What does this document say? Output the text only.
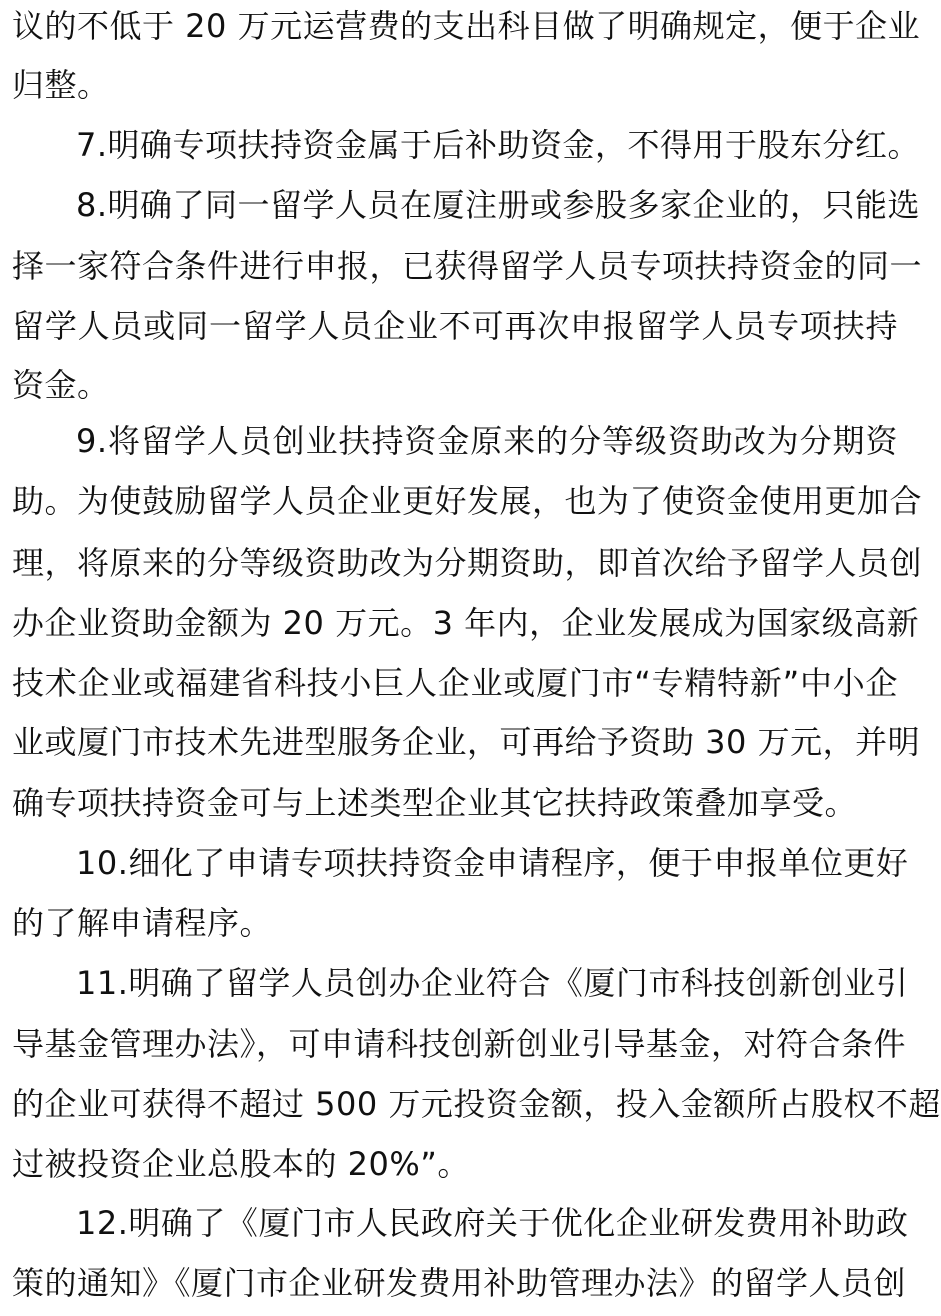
议的不低于 20 万元运营费的支出科目做了明确规定，便于企业
归整。
7.明确专项扶持资金属于后补助资金，不得用于股东分红。
8.明确了同一留学人员在厦注册或参股多家企业的，只能选
择一家符合条件进行申报，已获得留学人员专项扶持资金的同一
留学人员或同一留学人员企业不可再次申报留学人员专项扶持
资金。
9.将留学人员创业扶持资金原来的分等级资助改为分期资
助。为使鼓励留学人员企业更好发展，也为了使资金使用更加合
理，将原来的分等级资助改为分期资助，即首次给予留学人员创
办企业资助金额为 20 万元。3 年内，企业发展成为国家级高新
技术企业或福建省科技小巨人企业或厦门市“专精特新”中小企
业或厦门市技术先进型服务企业，可再给予资助 30 万元，并明
确专项扶持资金可与上述类型企业其它扶持政策叠加享受。
10.细化了申请专项扶持资金申请程序，便于申报单位更好
的了解申请程序。
11.明确了留学人员创办企业符合《厦门市科技创新创业引
导基金管理办法》，可申请科技创新创业引导基金，对符合条件
的企业可获得不超过 500 万元投资金额，投入金额所占股权不超
过被投资企业总股本的 20%”。
12.明确了《厦门市人民政府关于优化企业研发费用补助政
策的通知》《厦门市企业研发费用补助管理办法》的留学人员创
